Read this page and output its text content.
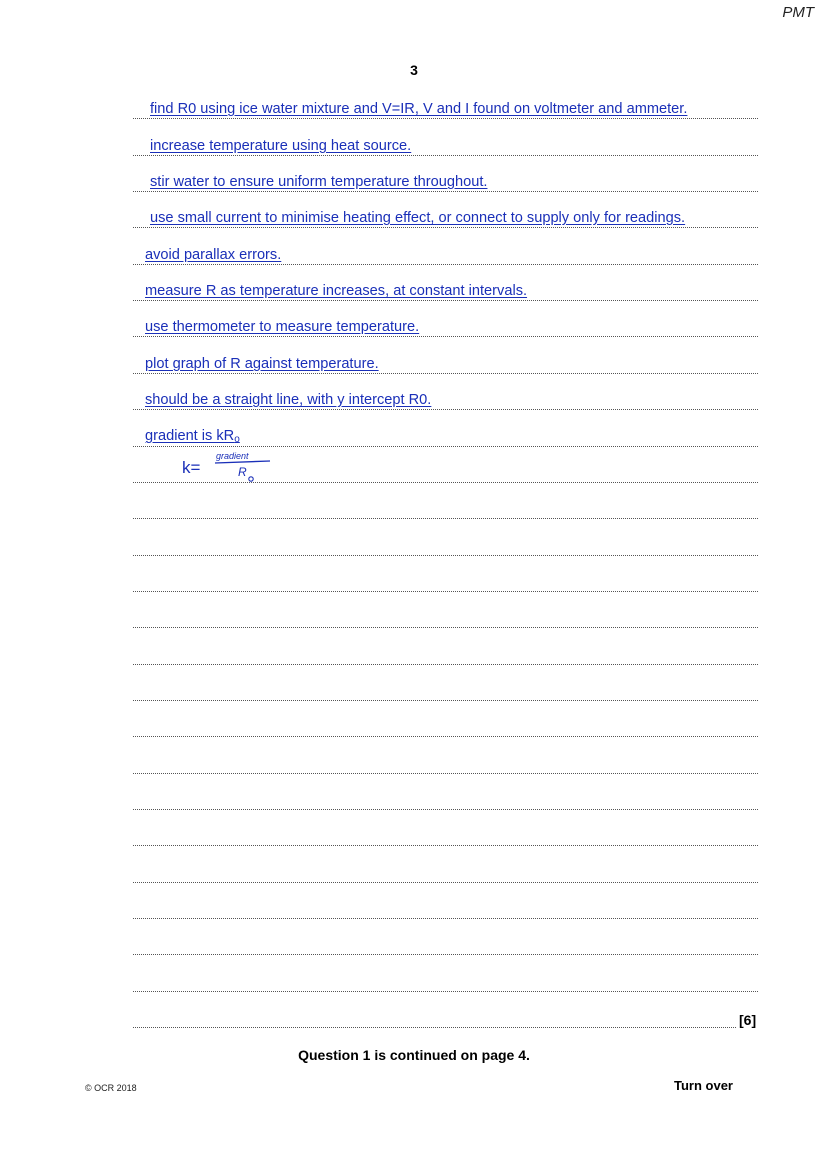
PMT
3
find R0 using ice water mixture and V=IR, V and I found on voltmeter and ammeter.
increase temperature using heat source.
stir water to ensure uniform temperature throughout.
use small current to minimise heating effect, or connect to supply only for readings.
avoid parallax errors.
measure R as temperature increases, at constant intervals.
use thermometer to measure temperature.
plot graph of R against temperature.
should be a straight line, with y intercept R0.
gradient is kRo
k=
gradient
R
[6]
Question 1 is continued on page 4.
© OCR 2018	Turn over
